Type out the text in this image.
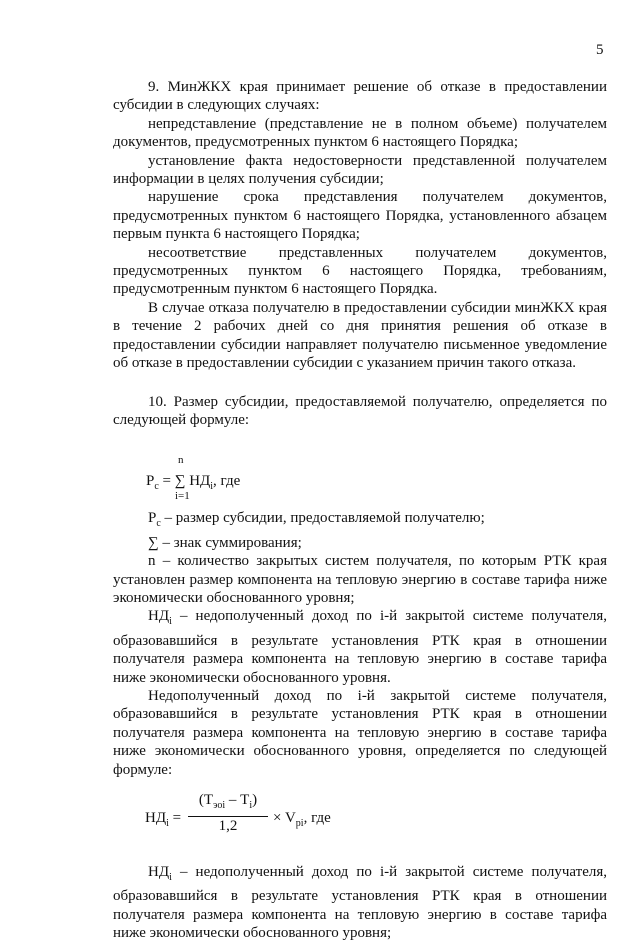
5

9. МинЖКХ края принимает решение об отказе в предоставлении субсидии в следующих случаях:

непредставление (представление не в полном объеме) получателем документов, предусмотренных пунктом 6 настоящего Порядка;

установление факта недостоверности представленной получателем информации в целях получения субсидии;

нарушение срока представления получателем документов, предусмотренных пунктом 6 настоящего Порядка, установленного абзацем первым пункта 6 настоящего Порядка;

несоответствие представленных получателем документов, предусмотренных пунктом 6 настоящего Порядка, требованиям, предусмотренным пунктом 6 настоящего Порядка.

В случае отказа получателю в предоставлении субсидии минЖКХ края в течение 2 рабочих дней со дня принятия решения об отказе в предоставлении субсидии направляет получателю письменное уведомление об отказе в предоставлении субсидии с указанием причин такого отказа.

10. Размер субсидии, предоставляемой получателю, определяется по следующей формуле:

n
$Р_с$ = ∑ $НД_i$, где
i=1

$Р_с$ – размер субсидии, предоставляемой получателю;

∑ – знак суммирования;

n – количество закрытых систем получателя, по которым РТК края установлен размер компонента на тепловую энергию в составе тарифа ниже экономически обоснованного уровня;

$НД_i$ – недополученный доход по i-й закрытой системе получателя, образовавшийся в результате установления РТК края в отношении получателя размера компонента на тепловую энергию в составе тарифа ниже экономически обоснованного уровня.

Недополученный доход по i-й закрытой системе получателя, образовавшийся в результате установления РТК края в отношении получателя размера компонента на тепловую энергию в составе тарифа ниже экономически обоснованного уровня, определяется по следующей формуле:

$НД_i$ =
$(Т_{эоi} - Т_i)$
1,2
× $V_{pi}$, где

$НД_i$ – недополученный доход по i-й закрытой системе получателя, образовавшийся в результате установления РТК края в отношении получателя размера компонента на тепловую энергию в составе тарифа ниже экономически обоснованного уровня;
